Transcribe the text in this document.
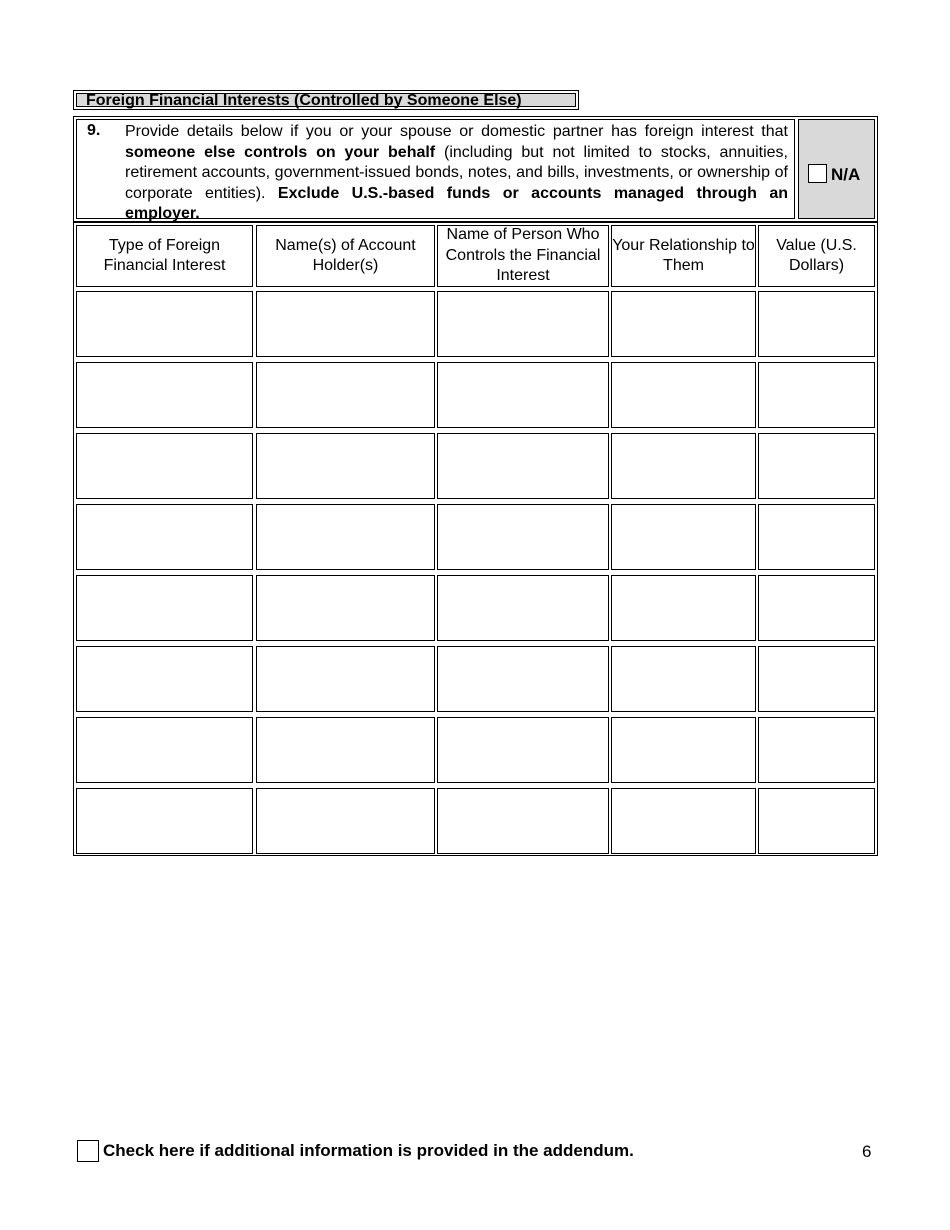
Foreign Financial Interests (Controlled by Someone Else)
9. Provide details below if you or your spouse or domestic partner has foreign interest that someone else controls on your behalf (including but not limited to stocks, annuities, retirement accounts, government-issued bonds, notes, and bills, investments, or ownership of corporate entities). Exclude U.S.-based funds or accounts managed through an employer.
N/A
Type of Foreign Financial Interest
Name(s) of Account Holder(s)
Name of Person Who Controls the Financial Interest
Your Relationship to Them
Value (U.S. Dollars)
Check here if additional information is provided in the addendum.	6
